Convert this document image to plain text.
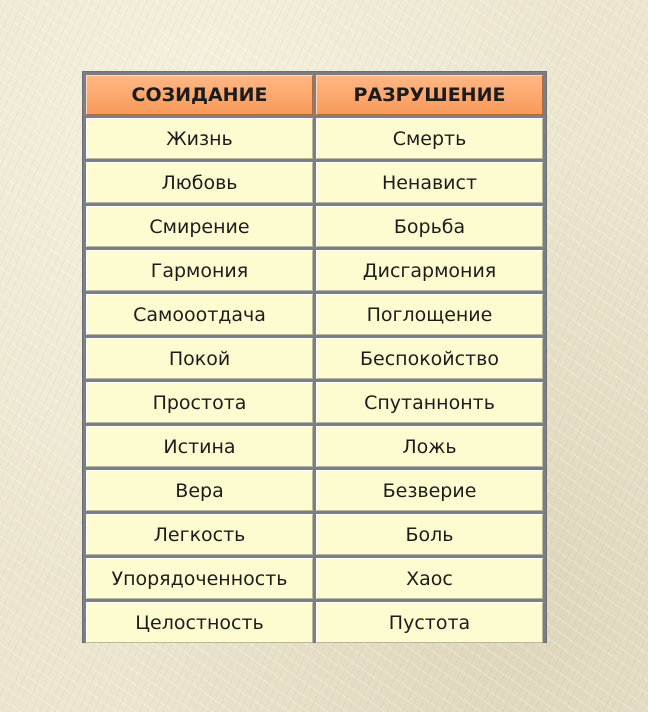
СОЗИДАНИЕ	РАЗРУШЕНИЕ
Жизнь	Смерть
Любовь	Ненавист
Смирение	Борьба
Гармония	Дисгармония
Самооотдача	Поглощение
Покой	Беспокойство
Простота	Спутаннонть
Истина	Ложь
Вера	Безверие
Легкость	Боль
Упорядоченность	Хаос
Целостность	Пустота
